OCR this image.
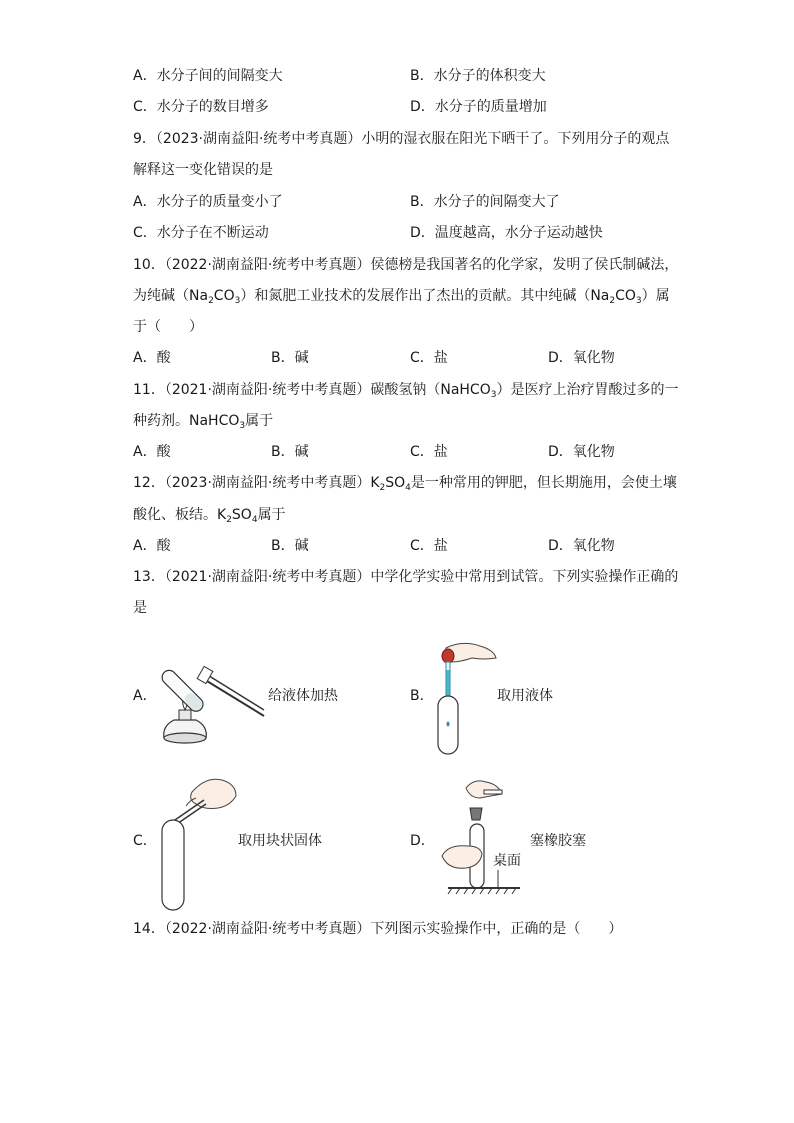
A．水分子间的间隔变大	B．水分子的体积变大
C．水分子的数目增多	D．水分子的质量增加
9．（2023·湖南益阳·统考中考真题）小明的湿衣服在阳光下晒干了。下列用分子的观点
解释这一变化错误的是
A．水分子的质量变小了	B．水分子的间隔变大了
C．水分子在不断运动	D．温度越高，水分子运动越快
10．（2022·湖南益阳·统考中考真题）侯德榜是我国著名的化学家，发明了侯氏制碱法，
为纯碱$(Na_2CO_3)$和氮肥工业技术的发展作出了杰出的贡献。其中纯碱$(Na_2CO_3)$属
于（　　）
A．酸	B．碱	C．盐	D．氧化物
11．（2021·湖南益阳·统考中考真题）碳酸氢钠（NaHCO$_3$）是医疗上治疗胃酸过多的一
种药剂。NaHCO$_3$属于
A．酸	B．碱	C．盐	D．氧化物
12．（2023·湖南益阳·统考中考真题）$K_2SO_4$是一种常用的钾肥，但长期施用，会使土壤
酸化、板结。$K_2SO_4$属于
A．酸	B．碱	C．盐	D．氧化物
13．（2021·湖南益阳·统考中考真题）中学化学实验中常用到试管。下列实验操作正确的
是
A．	给液体加热	B．	取用液体
C．	取用块状固体	D．	塞橡胶塞
桌面
14．（2022·湖南益阳·统考中考真题）下列图示实验操作中，正确的是（　　）
